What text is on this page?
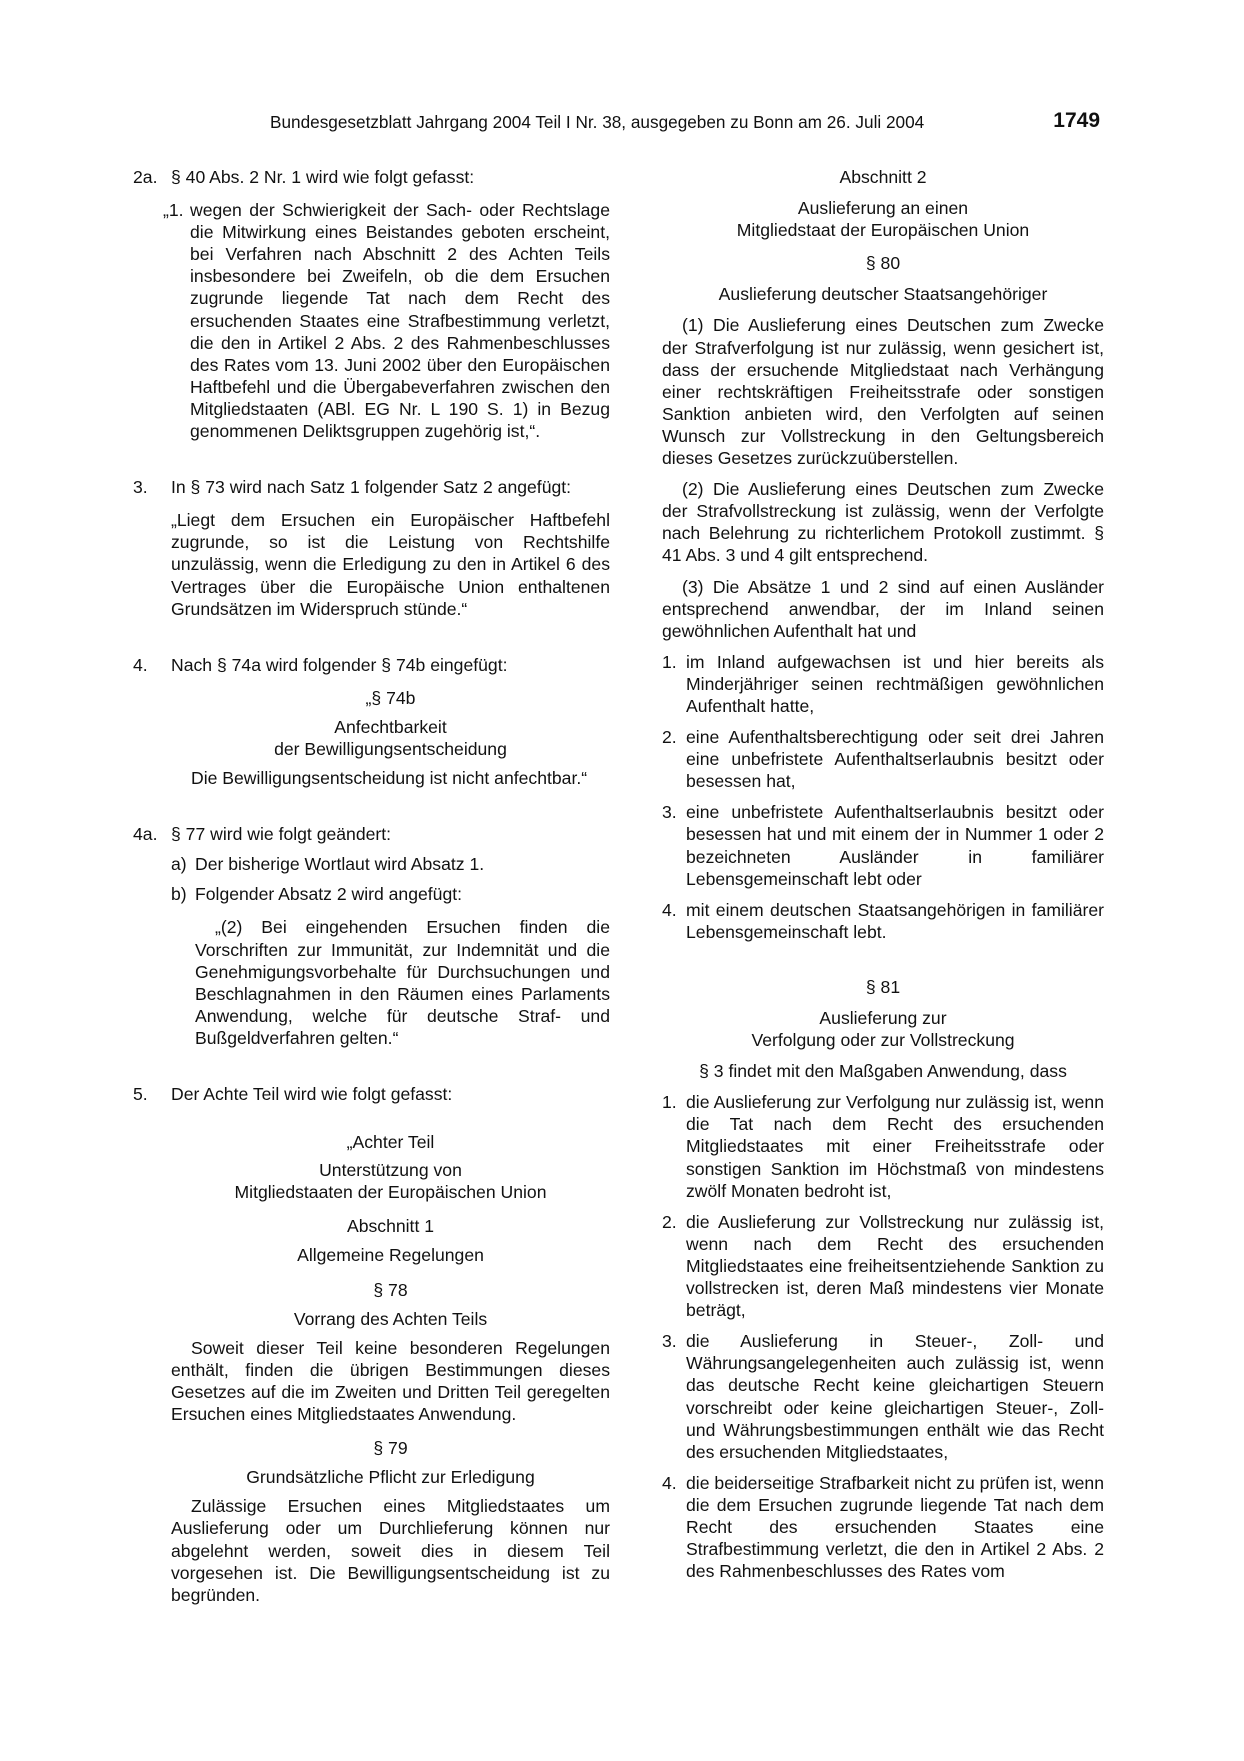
Bundesgesetzblatt Jahrgang 2004 Teil I Nr. 38, ausgegeben zu Bonn am 26. Juli 2004	1749
2a. § 40 Abs. 2 Nr. 1 wird wie folgt gefasst:
„1. wegen der Schwierigkeit der Sach- oder Rechtslage die Mitwirkung eines Beistandes geboten erscheint, bei Verfahren nach Abschnitt 2 des Achten Teils insbesondere bei Zweifeln, ob die dem Ersuchen zugrunde liegende Tat nach dem Recht des ersuchenden Staates eine Strafbestimmung verletzt, die den in Artikel 2 Abs. 2 des Rahmenbeschlusses des Rates vom 13. Juni 2002 über den Europäischen Haftbefehl und die Übergabeverfahren zwischen den Mitgliedstaaten (ABl. EG Nr. L 190 S. 1) in Bezug genommenen Deliktsgruppen zugehörig ist,“.
3.	In § 73 wird nach Satz 1 folgender Satz 2 angefügt:

„Liegt dem Ersuchen ein Europäischer Haftbefehl zugrunde, so ist die Leistung von Rechtshilfe unzulässig, wenn die Erledigung zu den in Artikel 6 des Vertrages über die Europäische Union enthaltenen Grundsätzen im Widerspruch stünde.“

4.	Nach § 74a wird folgender § 74b eingefügt:

„§ 74b

Anfechtbarkeit

der Bewilligungsentscheidung

Die Bewilligungsentscheidung ist nicht anfechtbar.“

4a. § 77 wird wie folgt geändert:
a) Der bisherige Wortlaut wird Absatz 1.
b) Folgender Absatz 2 wird angefügt:

„(2) Bei eingehenden Ersuchen finden die Vorschriften zur Immunität, zur Indemnität und die Genehmigungsvorbehalte für Durchsuchungen und Beschlagnahmen in den Räumen eines Parlaments Anwendung, welche für deutsche Straf- und Bußgeldverfahren gelten.“

5.	Der Achte Teil wird wie folgt gefasst:

„Achter Teil

Unterstützung von

Mitgliedstaaten der Europäischen Union

Abschnitt 1

Allgemeine Regelungen

§ 78

Vorrang des Achten Teils

Soweit dieser Teil keine besonderen Regelungen enthält, finden die übrigen Bestimmungen dieses Gesetzes auf die im Zweiten und Dritten Teil geregelten Ersuchen eines Mitgliedstaates Anwendung.

§ 79

Grundsätzliche Pflicht zur Erledigung

Zulässige Ersuchen eines Mitgliedstaates um Auslieferung oder um Durchlieferung können nur abgelehnt werden, soweit dies in diesem Teil vorgesehen ist. Die Bewilligungsentscheidung ist zu begründen.

Abschnitt 2

Auslieferung an einen

Mitgliedstaat der Europäischen Union

§ 80

Auslieferung deutscher Staatsangehöriger

(1) Die Auslieferung eines Deutschen zum Zwecke der Strafverfolgung ist nur zulässig, wenn gesichert ist, dass der ersuchende Mitgliedstaat nach Verhängung einer rechtskräftigen Freiheitsstrafe oder sonstigen Sanktion anbieten wird, den Verfolgten auf seinen Wunsch zur Vollstreckung in den Geltungsbereich dieses Gesetzes zurückzuüberstellen.

(2) Die Auslieferung eines Deutschen zum Zwecke der Strafvollstreckung ist zulässig, wenn der Verfolgte nach Belehrung zu richterlichem Protokoll zustimmt. § 41 Abs. 3 und 4 gilt entsprechend.

(3) Die Absätze 1 und 2 sind auf einen Ausländer entsprechend anwendbar, der im Inland seinen gewöhnlichen Aufenthalt hat und

1. im Inland aufgewachsen ist und hier bereits als Minderjähriger seinen rechtmäßigen gewöhnlichen Aufenthalt hatte,
2. eine Aufenthaltsberechtigung oder seit drei Jahren eine unbefristete Aufenthaltserlaubnis besitzt oder besessen hat,
3. eine unbefristete Aufenthaltserlaubnis besitzt oder besessen hat und mit einem der in Nummer 1 oder 2 bezeichneten Ausländer in familiärer Lebensgemeinschaft lebt oder
4. mit einem deutschen Staatsangehörigen in familiärer Lebensgemeinschaft lebt.

§ 81

Auslieferung zur

Verfolgung oder zur Vollstreckung

§ 3 findet mit den Maßgaben Anwendung, dass

1. die Auslieferung zur Verfolgung nur zulässig ist, wenn die Tat nach dem Recht des ersuchenden Mitgliedstaates mit einer Freiheitsstrafe oder sonstigen Sanktion im Höchstmaß von mindestens zwölf Monaten bedroht ist,
2. die Auslieferung zur Vollstreckung nur zulässig ist, wenn nach dem Recht des ersuchenden Mitgliedstaates eine freiheitsentziehende Sanktion zu vollstrecken ist, deren Maß mindestens vier Monate beträgt,
3. die Auslieferung in Steuer-, Zoll- und Währungsangelegenheiten auch zulässig ist, wenn das deutsche Recht keine gleichartigen Steuern vorschreibt oder keine gleichartigen Steuer-, Zoll- und Währungsbestimmungen enthält wie das Recht des ersuchenden Mitgliedstaates,
4. die beiderseitige Strafbarkeit nicht zu prüfen ist, wenn die dem Ersuchen zugrunde liegende Tat nach dem Recht des ersuchenden Staates eine Strafbestimmung verletzt, die den in Artikel 2 Abs. 2 des Rahmenbeschlusses des Rates vom
